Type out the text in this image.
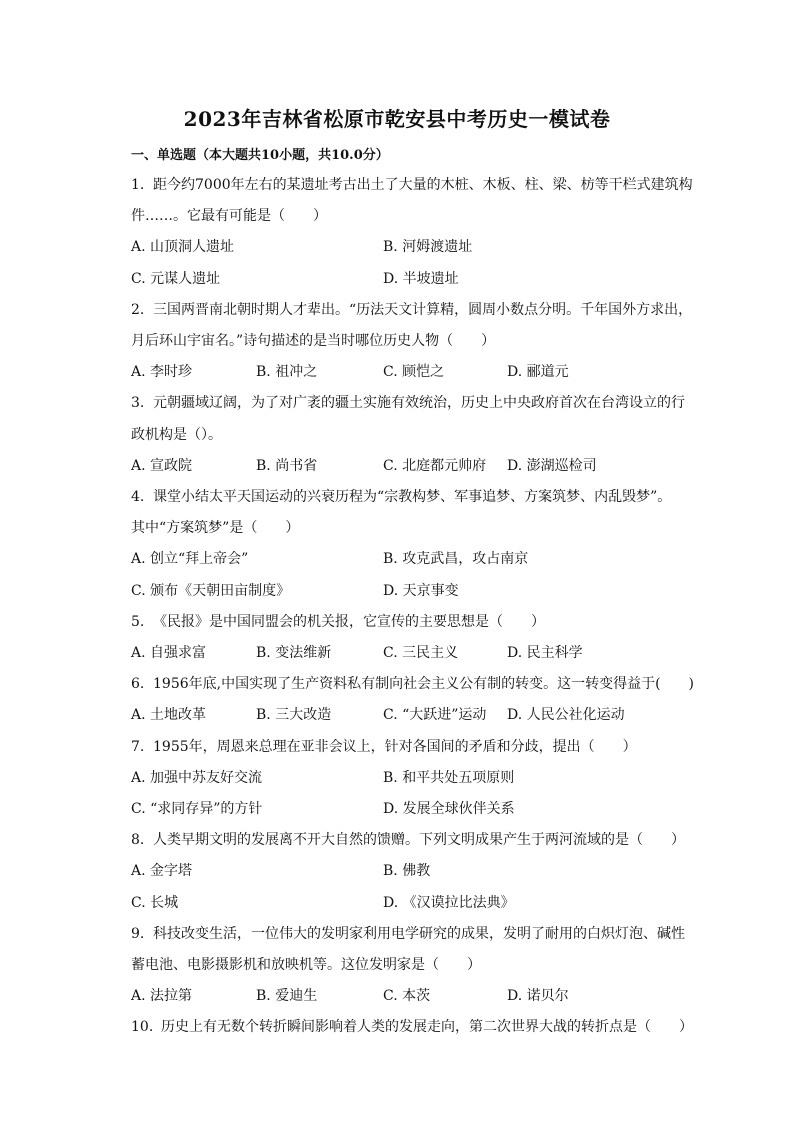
2023年吉林省松原市乾安县中考历史一模试卷
一、单选题（本大题共10小题，共10.0分）
1. 距今约7000年左右的某遗址考古出土了大量的木桩、木板、柱、梁、枋等干栏式建筑构
件……。它最有可能是（　　）
A. 山顶洞人遗址	B. 河姆渡遗址
C. 元谋人遗址	D. 半坡遗址
2. 三国两晋南北朝时期人才辈出。“历法天文计算精，圆周小数点分明。千年国外方求出，
月后环山宇宙名。”诗句描述的是当时哪位历史人物（　　）
A. 李时珍	B. 祖冲之	C. 顾恺之	D. 郦道元
3. 元朝疆域辽阔，为了对广袤的疆土实施有效统治，历史上中央政府首次在台湾设立的行
政机构是（）。
A. 宣政院	B. 尚书省	C. 北庭都元帅府 D. 澎湖巡检司
4. 课堂小结太平天国运动的兴衰历程为“宗教构梦、军事追梦、方案筑梦、内乱毁梦”。
其中“方案筑梦”是（　　）
A. 创立“拜上帝会”	B. 攻克武昌，攻占南京
C. 颁布《天朝田亩制度》	D. 天京事变
5. 《民报》是中国同盟会的机关报，它宣传的主要思想是（　　）
A. 自强求富	B. 变法维新	C. 三民主义	D. 民主科学
6. 1956年底,中国实现了生产资料私有制向社会主义公有制的转变。这一转变得益于(　　)
A. 土地改革	B. 三大改造	C. “大跃进”运动 D. 人民公社化运动
7. 1955年，周恩来总理在亚非会议上，针对各国间的矛盾和分歧，提出（　　）
A. 加强中苏友好交流	B. 和平共处五项原则
C. “求同存异”的方针	D. 发展全球伙伴关系
8. 人类早期文明的发展离不开大自然的馈赠。下列文明成果产生于两河流域的是（　　）
A. 金字塔	B. 佛教
C. 长城	D. 《汉谟拉比法典》
9. 科技改变生活，一位伟大的发明家利用电学研究的成果，发明了耐用的白炽灯泡、碱性
蓄电池、电影摄影机和放映机等。这位发明家是（　　）
A. 法拉第	B. 爱迪生	C. 本茨	D. 诺贝尔
10. 历史上有无数个转折瞬间影响着人类的发展走向，第二次世界大战的转折点是（　　）
